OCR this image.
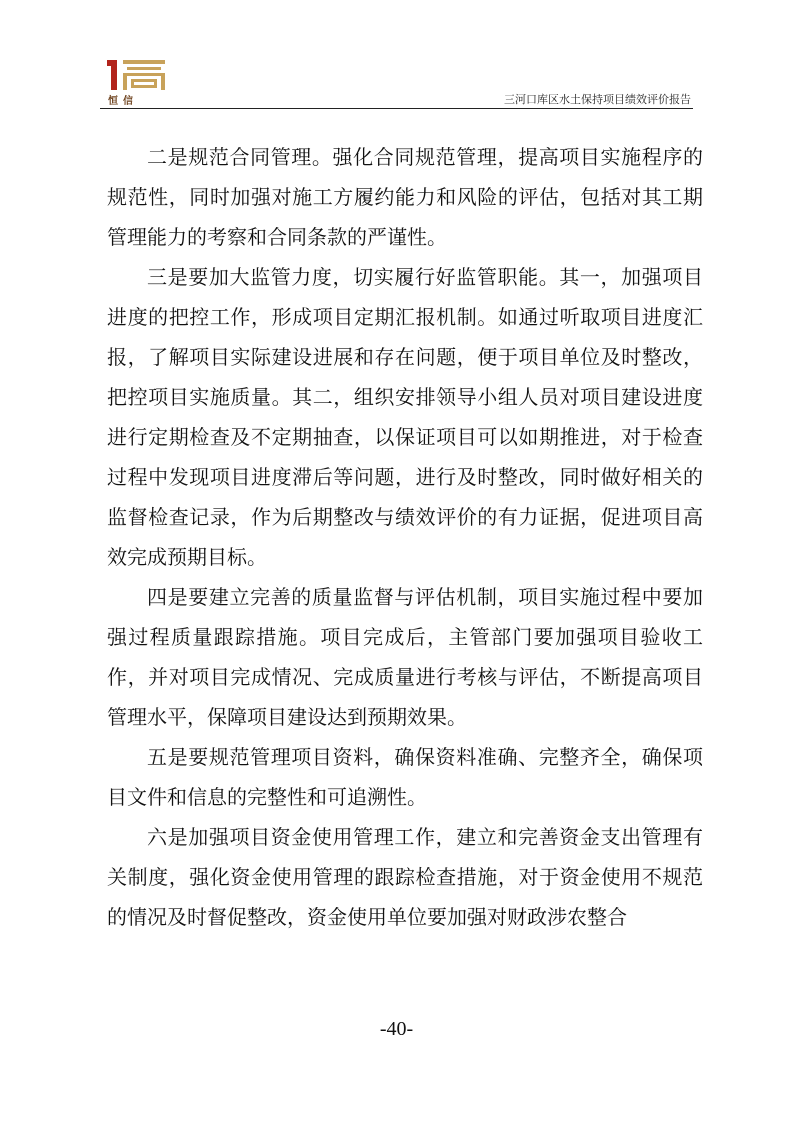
恒信	三河口库区水土保持项目绩效评价报告

二是规范合同管理。强化合同规范管理，提高项目实施程序的规范性，同时加强对施工方履约能力和风险的评估，包括对其工期管理能力的考察和合同条款的严谨性。

三是要加大监管力度，切实履行好监管职能。其一，加强项目进度的把控工作，形成项目定期汇报机制。如通过听取项目进度汇报，了解项目实际建设进展和存在问题，便于项目单位及时整改，把控项目实施质量。其二，组织安排领导小组人员对项目建设进度进行定期检查及不定期抽查，以保证项目可以如期推进，对于检查过程中发现项目进度滞后等问题，进行及时整改，同时做好相关的监督检查记录，作为后期整改与绩效评价的有力证据，促进项目高效完成预期目标。

四是要建立完善的质量监督与评估机制，项目实施过程中要加强过程质量跟踪措施。项目完成后，主管部门要加强项目验收工作，并对项目完成情况、完成质量进行考核与评估，不断提高项目管理水平，保障项目建设达到预期效果。

五是要规范管理项目资料，确保资料准确、完整齐全，确保项目文件和信息的完整性和可追溯性。

六是加强项目资金使用管理工作，建立和完善资金支出管理有关制度，强化资金使用管理的跟踪检查措施，对于资金使用不规范的情况及时督促整改，资金使用单位要加强对财政涉农整合

-40-
